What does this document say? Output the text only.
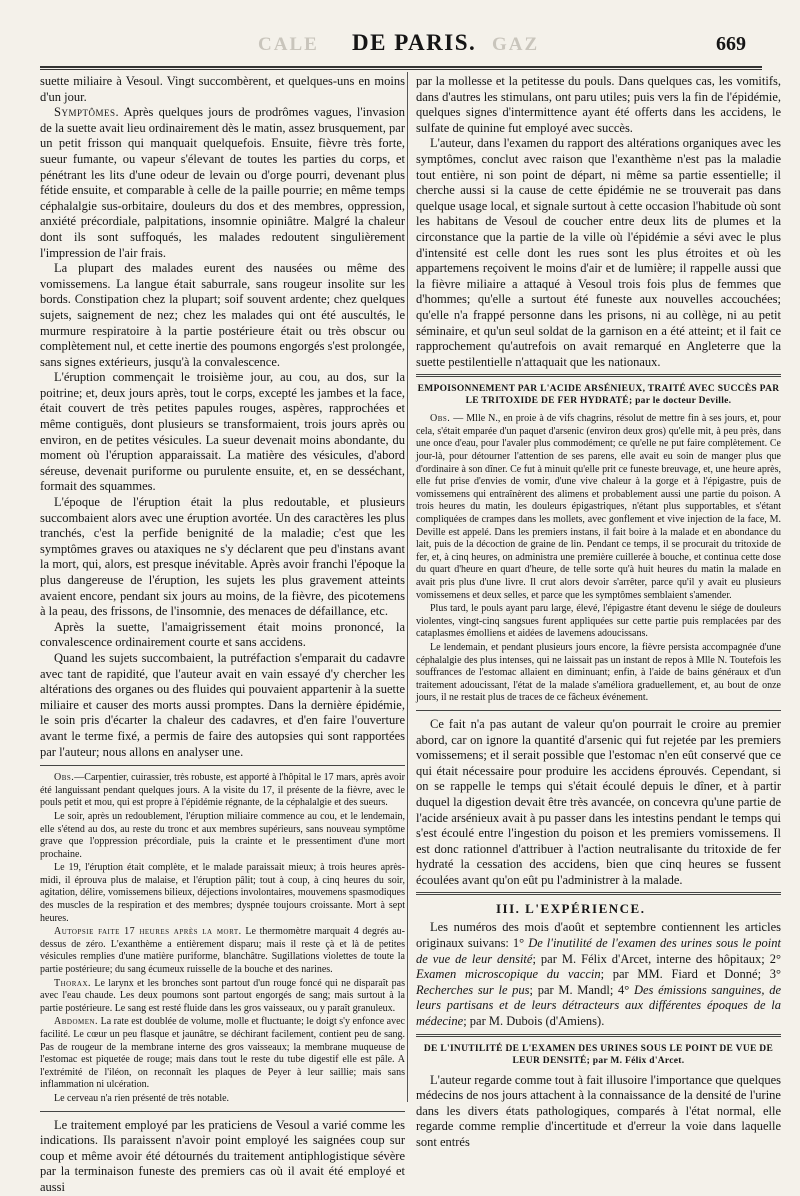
CALE DE PARIS. GAZ	669

suette miliaire à Vesoul. Vingt succombèrent, et quelques-uns en moins d'un jour.

Symptômes. Après quelques jours de prodrômes vagues, l'invasion de la suette avait lieu ordinairement dès le matin, assez brusquement, par un petit frisson qui manquait quelquefois. Ensuite, fièvre très forte, sueur fumante, ou vapeur s'élevant de toutes les parties du corps, et pénétrant les lits d'une odeur de levain ou d'orge pourri, devenant plus fétide ensuite, et comparable à celle de la paille pourrie; en même temps céphalalgie sus-orbitaire, douleurs du dos et des membres, oppression, anxiété précordiale, palpitations, insomnie opiniâtre. Malgré la chaleur dont ils sont suffoqués, les malades redoutent singulièrement l'impression de l'air frais.

La plupart des malades eurent des nausées ou même des vomissemens. La langue était saburrale, sans rougeur insolite sur les bords. Constipation chez la plupart; soif souvent ardente; chez quelques sujets, saignement de nez; chez les malades qui ont été auscultés, le murmure respiratoire à la partie postérieure était ou très obscur ou complètement nul, et cette inertie des poumons engorgés s'est prolongée, sans signes extérieurs, jusqu'à la convalescence.

L'éruption commençait le troisième jour, au cou, au dos, sur la poitrine; et, deux jours après, tout le corps, excepté les jambes et la face, était couvert de très petites papules rouges, aspères, rapprochées et même contiguës, dont plusieurs se transformaient, trois jours après ou environ, en de petites vésicules. La sueur devenait moins abondante, du moment où l'éruption apparaissait. La matière des vésicules, d'abord séreuse, devenait puriforme ou purulente ensuite, et, en se desséchant, formait des squammes.

L'époque de l'éruption était la plus redoutable, et plusieurs succombaient alors avec une éruption avortée. Un des caractères les plus tranchés, c'est la perfide benignité de la maladie; c'est que les symptômes graves ou ataxiques ne s'y déclarent que peu d'instans avant la mort, qui, alors, est presque inévitable. Après avoir franchi l'époque la plus dangereuse de l'éruption, les sujets les plus gravement atteints avaient encore, pendant six jours au moins, de la fièvre, des picotemens à la peau, des frissons, de l'insomnie, des menaces de défaillance, etc.

Après la suette, l'amaigrissement était moins prononcé, la convalescence ordinairement courte et sans accidens.

Quand les sujets succombaient, la putréfaction s'emparait du cadavre avec tant de rapidité, que l'auteur avait en vain essayé d'y chercher les altérations des organes ou des fluides qui pouvaient appartenir à la suette miliaire et causer des morts aussi promptes. Dans la dernière épidémie, le soin pris d'écarter la chaleur des cadavres, et d'en faire l'ouverture avant le terme fixé, a permis de faire des autopsies qui sont rapportées par l'auteur; nous allons en analyser une.

Obs.—Carpentier, cuirassier, très robuste, est apporté à l'hôpital le 17 mars, après avoir été languissant pendant quelques jours. A la visite du 17, il présente de la fièvre, avec le pouls petit et mou, qui est propre à l'épidémie régnante, de la céphalalgie et des sueurs.

Le soir, après un redoublement, l'éruption miliaire commence au cou, et le lendemain, elle s'étend au dos, au reste du tronc et aux membres supérieurs, sans nouveau symptôme grave que l'oppression précordiale, puis la crainte et le pressentiment d'une mort prochaine.

Le 19, l'éruption était complète, et le malade paraissait mieux; à trois heures après-midi, il éprouva plus de malaise, et l'éruption pâlit; tout à coup, à cinq heures du soir, agitation, délire, vomissemens bilieux, déjections involontaires, mouvemens spasmodiques des muscles de la respiration et des membres; dyspnée toujours croissante. Mort à sept heures.

Autopsie faite 17 heures après la mort. Le thermomètre marquait 4 degrés au-dessus de zéro. L'exanthème a entièrement disparu; mais il reste çà et là de petites vésicules remplies d'une matière puriforme, blanchâtre. Sugillations violettes de toute la partie postérieure; du sang écumeux ruisselle de la bouche et des narines.

Thorax. Le larynx et les bronches sont partout d'un rouge foncé qui ne disparaît pas avec l'eau chaude. Les deux poumons sont partout engorgés de sang; mais surtout à la partie postérieure. Le sang est resté fluide dans les gros vaisseaux, ou y paraît granuleux.

Abdomen. La rate est doublée de volume, molle et fluctuante; le doigt s'y enfonce avec facilité. Le cœur un peu flasque et jaunâtre, se déchirant facilement, contient peu de sang. Pas de rougeur de la membrane interne des gros vaisseaux; la membrane muqueuse de l'estomac est piquetée de rouge; mais dans tout le reste du tube digestif elle est pâle. A l'extrémité de l'iléon, on reconnaît les plaques de Peyer à leur saillie; mais sans inflammation ni ulcération.

Le cerveau n'a rien présenté de très notable.

Le traitement employé par les praticiens de Vesoul a varié comme les indications. Ils paraissent n'avoir point employé les saignées coup sur coup et même avoir été détournés du traitement antiphlogistique sévère par la terminaison funeste des premiers cas où il avait été employé et aussi

par la mollesse et la petitesse du pouls. Dans quelques cas, les vomitifs, dans d'autres les stimulans, ont paru utiles; puis vers la fin de l'épidémie, quelques signes d'intermittence ayant été offerts dans les accidens, le sulfate de quinine fut employé avec succès.

L'auteur, dans l'examen du rapport des altérations organiques avec les symptômes, conclut avec raison que l'exanthème n'est pas la maladie tout entière, ni son point de départ, ni même sa partie essentielle; il cherche aussi si la cause de cette épidémie ne se trouverait pas dans quelque usage local, et signale surtout à cette occasion l'habitude où sont les habitans de Vesoul de coucher entre deux lits de plumes et la circonstance que la partie de la ville où l'épidémie a sévi avec le plus d'intensité est celle dont les rues sont les plus étroites et où les appartemens reçoivent le moins d'air et de lumière; il rappelle aussi que la fièvre miliaire a attaqué à Vesoul trois fois plus de femmes que d'hommes; qu'elle a surtout été funeste aux nouvelles accouchées; qu'elle n'a frappé personne dans les prisons, ni au collège, ni au petit séminaire, et qu'un seul soldat de la garnison en a été atteint; et il fait ce rapprochement qu'autrefois on avait remarqué en Angleterre que la suette pestilentielle n'attaquait que les nationaux.

EMPOISONNEMENT PAR L'ACIDE ARSÉNIEUX, TRAITÉ AVEC SUCCÈS PAR LE TRITOXIDE DE FER HYDRATÉ; par le docteur Deville.

Obs. — Mlle N., en proie à de vifs chagrins, résolut de mettre fin à ses jours, et, pour cela, s'était emparée d'un paquet d'arsenic (environ deux gros) qu'elle mit, à peu près, dans une once d'eau, pour l'avaler plus commodément; ce qu'elle ne put faire complètement. Ce jour-là, pour détourner l'attention de ses parens, elle avait eu soin de manger plus que d'ordinaire à son dîner. Ce fut à minuit qu'elle prit ce funeste breuvage, et, une heure après, elle fut prise d'envies de vomir, d'une vive chaleur à la gorge et à l'épigastre, puis de vomissemens qui entraînèrent des alimens et probablement aussi une partie du poison. A trois heures du matin, les douleurs épigastriques, n'étant plus supportables, et s'étant compliquées de crampes dans les mollets, avec gonflement et vive injection de la face, M. Deville est appelé. Dans les premiers instans, il fait boire à la malade et en abondance du lait, puis de la décoction de graine de lin. Pendant ce temps, il se procurait du tritoxide de fer, et, à cinq heures, on administra une première cuillerée à bouche, et continua cette dose du quart d'heure en quart d'heure, de telle sorte qu'à huit heures du matin la malade en avait pris plus d'une livre. Il crut alors devoir s'arrêter, parce qu'il y avait eu plusieurs vomissemens et deux selles, et parce que les symptômes semblaient s'amender.

Plus tard, le pouls ayant paru large, élevé, l'épigastre étant devenu le siége de douleurs violentes, vingt-cinq sangsues furent appliquées sur cette partie puis remplacées par des cataplasmes émolliens et aidées de lavemens adoucissans.

Le lendemain, et pendant plusieurs jours encore, la fièvre persista accompagnée d'une céphalalgie des plus intenses, qui ne laissait pas un instant de repos à Mlle N. Toutefois les souffrances de l'estomac allaient en diminuant; enfin, à l'aide de bains généraux et d'un traitement adoucissant, l'état de la malade s'améliora graduellement, et, au bout de onze jours, il ne restait plus de traces de ce fâcheux événement.

Ce fait n'a pas autant de valeur qu'on pourrait le croire au premier abord, car on ignore la quantité d'arsenic qui fut rejetée par les premiers vomissemens; et il serait possible que l'estomac n'en eût conservé que ce qui était nécessaire pour produire les accidens éprouvés. Cependant, si on se rappelle le temps qui s'était écoulé depuis le dîner, et à partir duquel la digestion devait être très avancée, on concevra qu'une partie de l'acide arsénieux avait à pu passer dans les intestins pendant le temps qui s'est écoulé entre l'ingestion du poison et les premiers vomissemens. Il est donc rationnel d'attribuer à l'action neutralisante du tritoxide de fer hydraté la cessation des accidens, bien que cinq heures se fussent écoulées avant qu'on eût pu l'administrer à la malade.

III. L'EXPÉRIENCE.

Les numéros des mois d'août et septembre contiennent les articles originaux suivans: 1° De l'inutilité de l'examen des urines sous le point de vue de leur densité; par M. Félix d'Arcet, interne des hôpitaux; 2° Examen microscopique du vaccin; par MM. Fiard et Donné; 3° Recherches sur le pus; par M. Mandl; 4° Des émissions sanguines, de leurs partisans et de leurs détracteurs aux différentes époques de la médecine; par M. Dubois (d'Amiens).

DE L'INUTILITÉ DE L'EXAMEN DES URINES SOUS LE POINT DE VUE DE LEUR DENSITÉ; par M. Félix d'Arcet.

L'auteur regarde comme tout à fait illusoire l'importance que quelques médecins de nos jours attachent à la connaissance de la densité de l'urine dans les divers états pathologiques, comparés à l'état normal, elle regarde comme remplie d'incertitude et d'erreur la voie dans laquelle sont entrés
